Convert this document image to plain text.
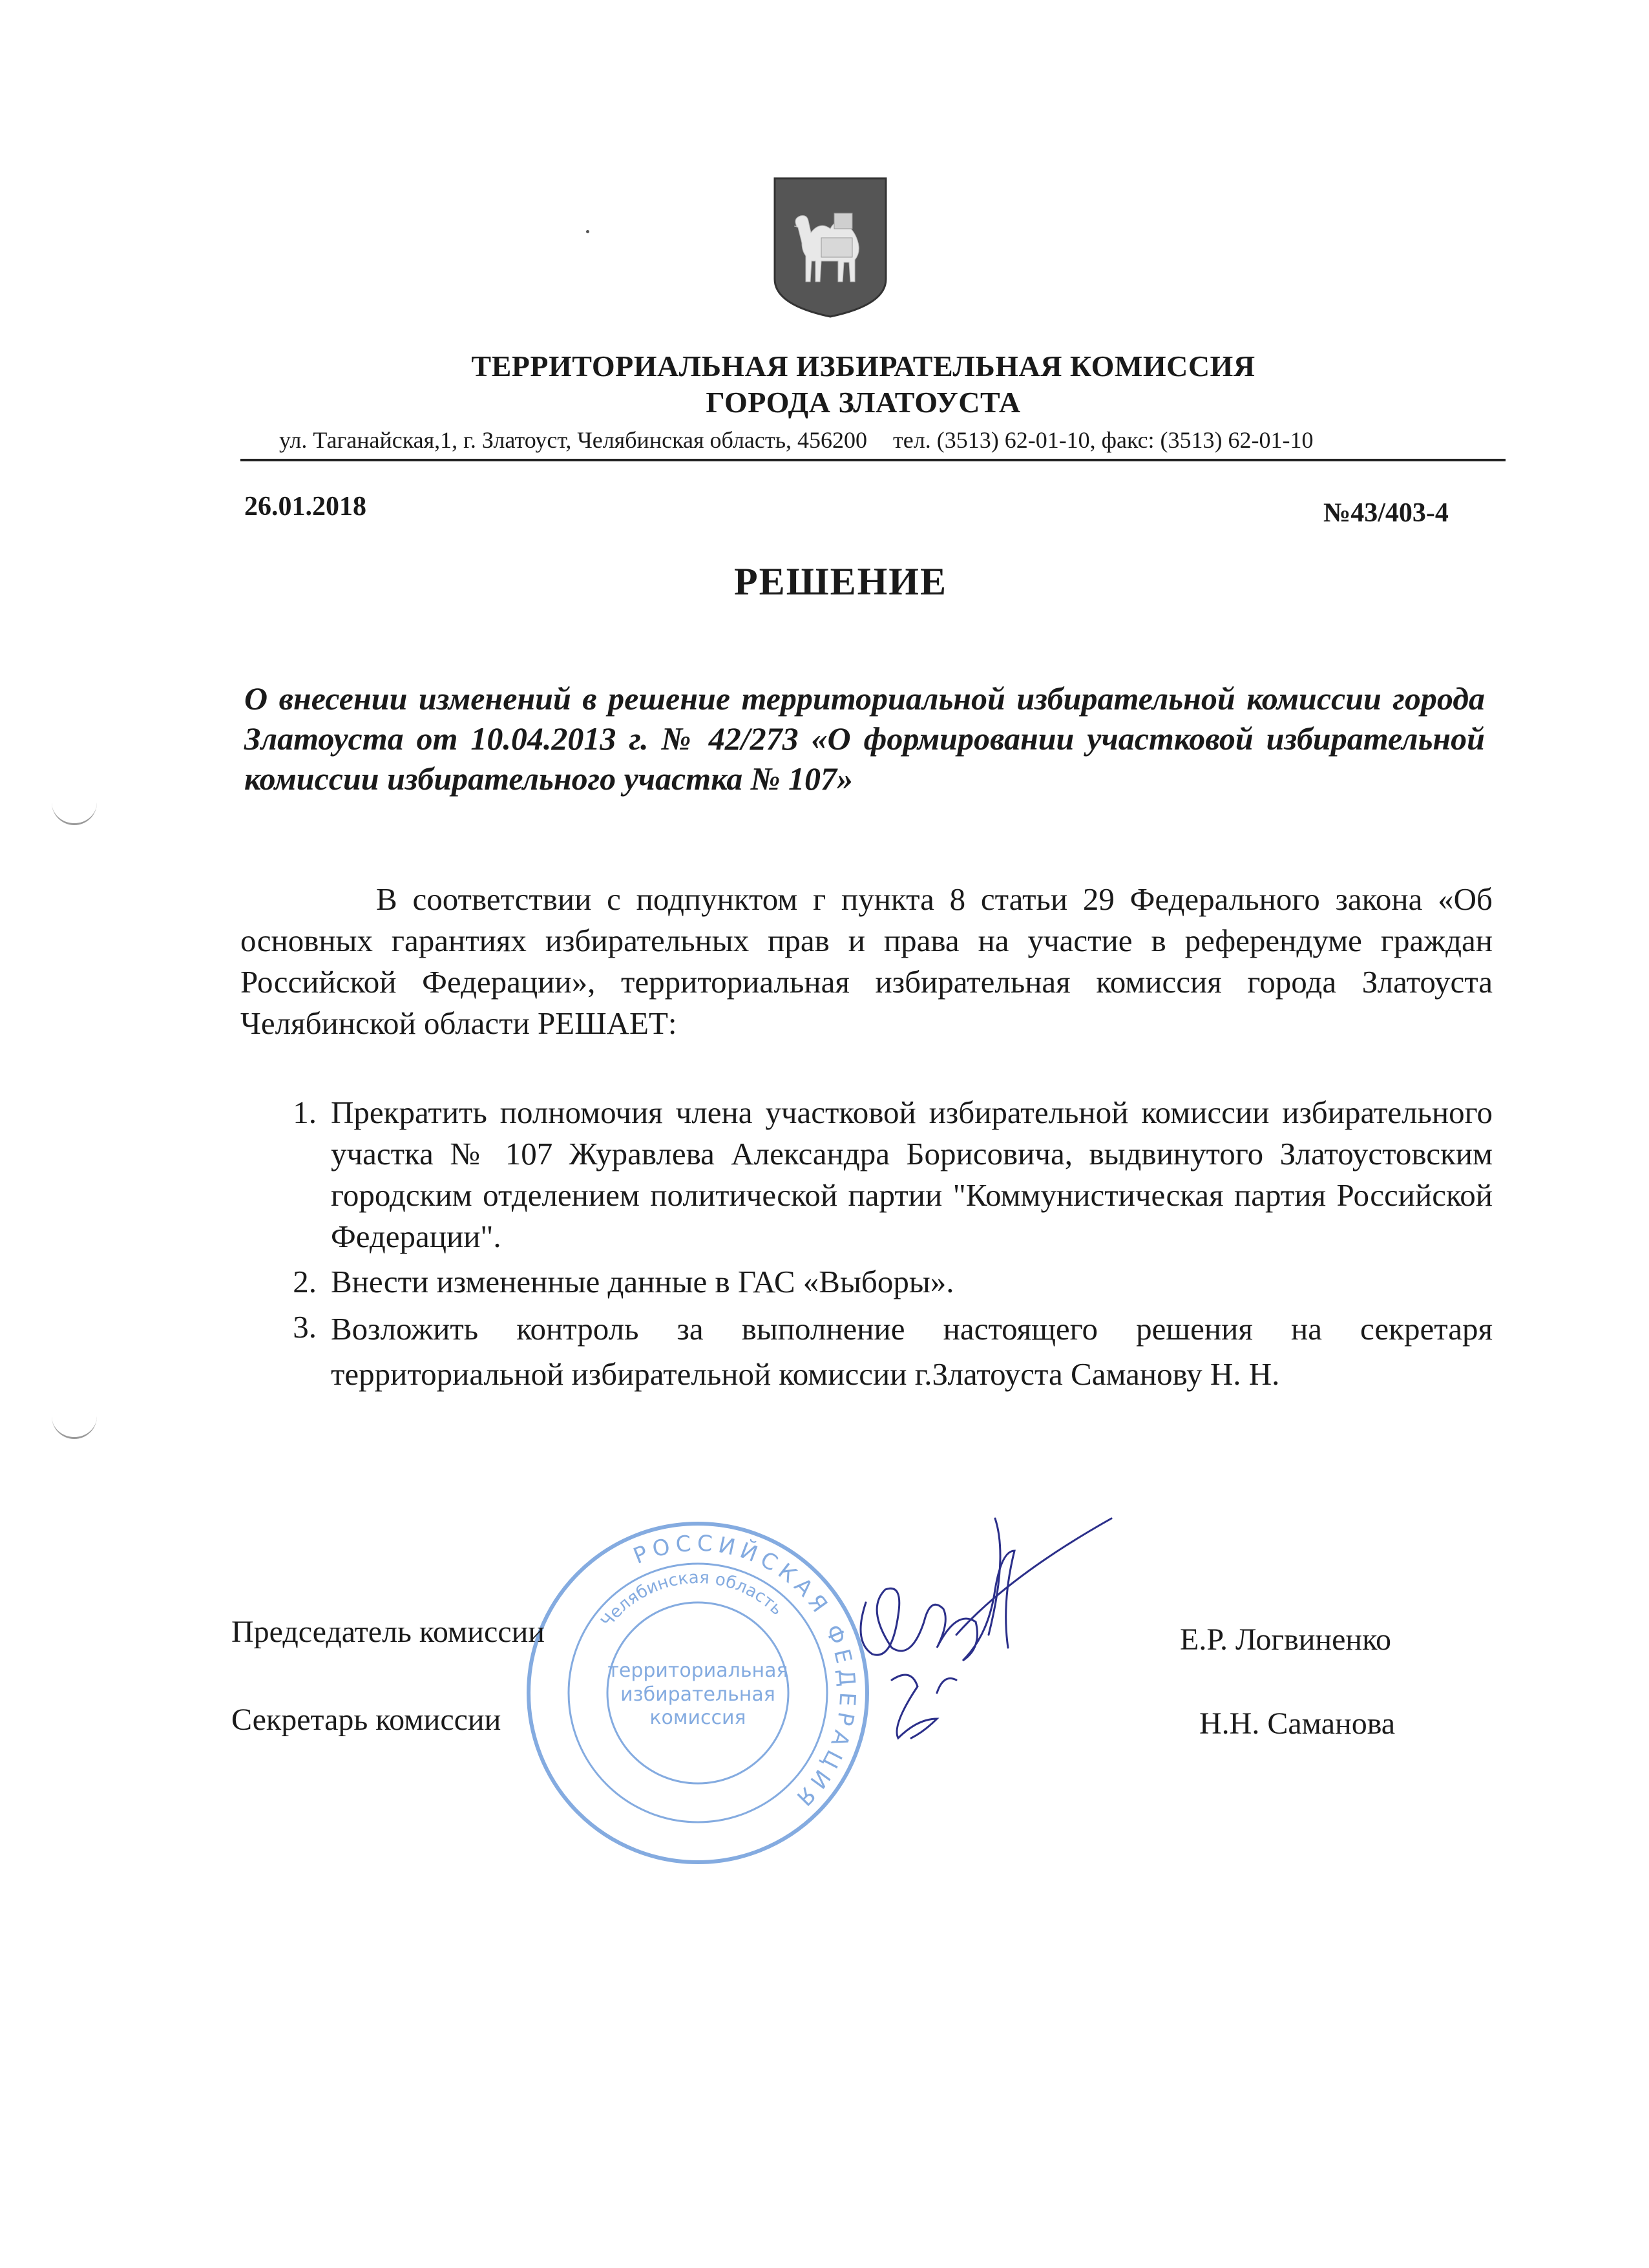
ТЕРРИТОРИАЛЬНАЯ ИЗБИРАТЕЛЬНАЯ КОМИССИЯ
ГОРОДА ЗЛАТОУСТА
ул. Таганайская,1, г. Златоуст, Челябинская область, 456200 тел. (3513) 62-01-10, факс: (3513) 62-01-10
26.01.2018	№43/403-4
РЕШЕНИЕ
О внесении изменений в решение территориальной избирательной комиссии города Златоуста от 10.04.2013 г. № 42/273 «О формировании участковой избирательной комиссии избирательного участка № 107»
В соответствии с подпунктом г пункта 8 статьи 29 Федерального закона «Об основных гарантиях избирательных прав и права на участие в референдуме граждан Российской Федерации», территориальная избирательная комиссия города Златоуста Челябинской области РЕШАЕТ:
1. Прекратить полномочия члена участковой избирательной комиссии избирательного участка № 107 Журавлева Александра Борисовича, выдвинутого Златоустовским городским отделением политической партии "Коммунистическая партия Российской Федерации".
2. Внести измененные данные в ГАС «Выборы».
3. Возложить контроль за выполнение настоящего решения на секретаря территориальной избирательной комиссии г.Златоуста Саманову Н. Н.
РОССИЙСКАЯ ФЕДЕРАЦИЯ
Челябинская область
территориальная
избирательная
комиссия
Председатель комиссии	Е.Р. Логвиненко
Секретарь комиссии	Н.Н. Саманова
